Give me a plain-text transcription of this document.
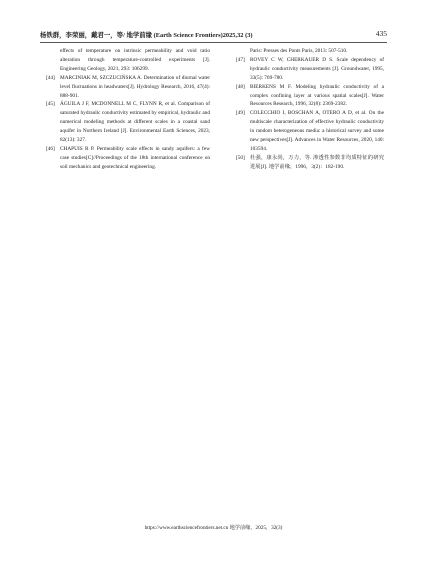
杨铁群，李荣丽，戴君一，等/ 地学前缘 (Earth Science Frontiers)2025,32 (3)	435
effects of temperature on intrinsic permeability and void ratio alteration through temperature-controlled experiments [J]. Engineering Geology, 2021, 293: 106299.
[44] MARCINIAK M, SZCZUCIŃSKA A. Determination of diurnal water level fluctuations in headwaters[J]. Hydrology Research, 2016, 47(4): 888-901.
[45] ÁGUILA J F, MCDONNELL M C, FLYNN R, et al. Comparison of saturated hydraulic conductivity estimated by empirical, hydraulic and numerical modeling methods at different scales in a coastal sand aquifer in Northern Ireland [J]. Environmental Earth Sciences, 2023, 82(13): 327.
[46] CHAPUIS R P. Permeability scale effects in sandy aquifers: a few case studies[C]//Proceedings of the 18th international conference on soil mechanics and geotechnical engineering.
Paris: Presses des Ponts Paris, 2013: 507-510.
[47] ROVEY C W, CHERKAUER D S. Scale dependency of hydraulic conductivity measurements [J]. Groundwater, 1995, 33(5): 769-780.
[48] BIERKENS M F. Modeling hydraulic conductivity of a complex confining layer at various spatial scales[J]. Water Resources Research, 1996, 32(8): 2369-2382.
[49] COLECCHIO I, BOSCHAN A, OTERO A D, et al. On the multiscale characterization of effective hydraulic conductivity in random heterogeneous media: a historical survey and some new perspectives[J]. Advances in Water Resources, 2020, 140: 103594.
[50] 杜强，康永尚，万力，等. 渗透性参数非均质特征的研究进展[J]. 地学前缘，1996，3(2)：182-190.
https://www.earthsciencefrontiers.net.cn 地学前缘，2025，32(3)
